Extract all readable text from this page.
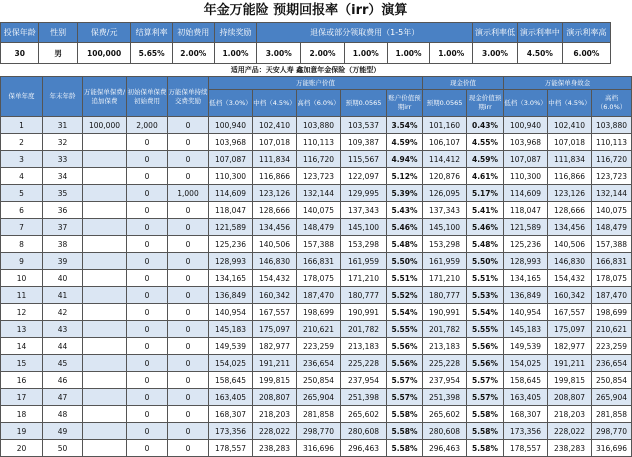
年金万能险 预期回报率（irr）演算
投保年龄	性别	保费/元	结算利率	初始费用	持续奖励	退保或部分领取费用（1-5年）					演示利率低	演示利率中	演示利率高
30	男	100,000	5.65%	2.00%	1.00%	3.00%	2.00%	1.00%	1.00%	1.00%	3.00%	4.50%	6.00%
适用产品：天安人寿 鑫加意年金保险（万能型）
保单年度	年末年龄	万能保单保费/追加保费	初始保单保费初始费用	万能保单持续交费奖励	万能账户价值					现金价值		万能保单身故金		
					低档（3.0%）	中档（4.5%）	高档（6.0%）	预期0.0565	账户价值预期irr	预期0.0565	现金价值预期irr	低档（3.0%）	中档（4.5%）	高档（6.0%）
1	31	100,000	2,000	0	100,940	102,410	103,880	103,537	3.54%	101,160	0.43%	100,940	102,410	103,880
2	32		0	0	103,968	107,018	110,113	109,387	4.59%	106,107	4.55%	103,968	107,018	110,113
3	33		0	0	107,087	111,834	116,720	115,567	4.94%	114,412	4.59%	107,087	111,834	116,720
4	34		0	0	110,300	116,866	123,723	122,097	5.12%	120,876	4.61%	110,300	116,866	123,723
5	35		0	1,000	114,609	123,126	132,144	129,995	5.39%	126,095	5.17%	114,609	123,126	132,144
6	36		0	0	118,047	128,666	140,075	137,343	5.43%	137,343	5.41%	118,047	128,666	140,075
7	37		0	0	121,589	134,456	148,479	145,100	5.46%	145,100	5.46%	121,589	134,456	148,479
8	38		0	0	125,236	140,506	157,388	153,298	5.48%	153,298	5.48%	125,236	140,506	157,388
9	39		0	0	128,993	146,830	166,831	161,959	5.50%	161,959	5.50%	128,993	146,830	166,831
10	40		0	0	134,165	154,432	178,075	171,210	5.51%	171,210	5.51%	134,165	154,432	178,075
11	41		0	0	136,849	160,342	187,470	180,777	5.52%	180,777	5.53%	136,849	160,342	187,470
12	42		0	0	140,954	167,557	198,699	190,991	5.54%	190,991	5.54%	140,954	167,557	198,699
13	43		0	0	145,183	175,097	210,621	201,782	5.55%	201,782	5.55%	145,183	175,097	210,621
14	44		0	0	149,539	182,977	223,259	213,183	5.56%	213,183	5.56%	149,539	182,977	223,259
15	45		0	0	154,025	191,211	236,654	225,228	5.56%	225,228	5.56%	154,025	191,211	236,654
16	46		0	0	158,645	199,815	250,854	237,954	5.57%	237,954	5.57%	158,645	199,815	250,854
17	47		0	0	163,405	208,807	265,904	251,398	5.57%	251,398	5.57%	163,405	208,807	265,904
18	48		0	0	168,307	218,203	281,858	265,602	5.58%	265,602	5.58%	168,307	218,203	281,858
19	49		0	0	173,356	228,022	298,770	280,608	5.58%	280,608	5.58%	173,356	228,022	298,770
20	50		0	0	178,557	238,283	316,696	296,463	5.58%	296,463	5.58%	178,557	238,283	316,696
